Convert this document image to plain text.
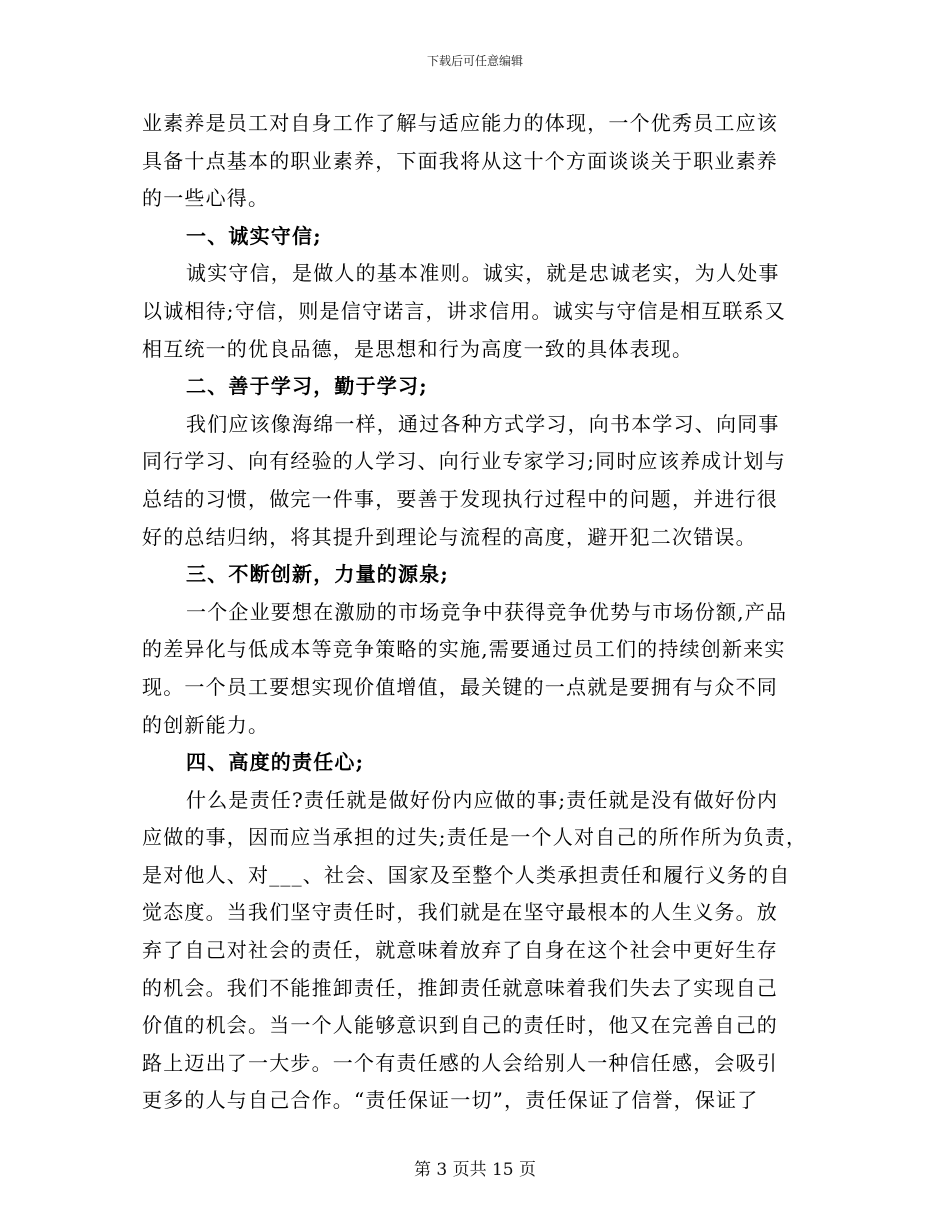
下载后可任意编辑

业素养是员工对自身工作了解与适应能力的体现，一个优秀员工应该

具备十点基本的职业素养，下面我将从这十个方面谈谈关于职业素养

的一些心得。

一、诚实守信;

诚实守信，是做人的基本准则。诚实，就是忠诚老实，为人处事

以诚相待;守信，则是信守诺言，讲求信用。诚实与守信是相互联系又

相互统一的优良品德，是思想和行为高度一致的具体表现。

二、善于学习，勤于学习;

我们应该像海绵一样，通过各种方式学习，向书本学习、向同事

同行学习、向有经验的人学习、向行业专家学习;同时应该养成计划与

总结的习惯，做完一件事，要善于发现执行过程中的问题，并进行很

好的总结归纳，将其提升到理论与流程的高度，避开犯二次错误。

三、不断创新，力量的源泉;

一个企业要想在激励的市场竞争中获得竞争优势与市场份额,产品

的差异化与低成本等竞争策略的实施,需要通过员工们的持续创新来实

现。一个员工要想实现价值增值，最关键的一点就是要拥有与众不同

的创新能力。

四、高度的责任心;

什么是责任?责任就是做好份内应做的事;责任就是没有做好份内

应做的事，因而应当承担的过失;责任是一个人对自己的所作所为负责，

是对他人、对___、社会、国家及至整个人类承担责任和履行义务的自

觉态度。当我们坚守责任时，我们就是在坚守最根本的人生义务。放

弃了自己对社会的责任，就意味着放弃了自身在这个社会中更好生存

的机会。我们不能推卸责任，推卸责任就意味着我们失去了实现自己

价值的机会。当一个人能够意识到自己的责任时，他又在完善自己的

路上迈出了一大步。一个有责任感的人会给别人一种信任感，会吸引

更多的人与自己合作。“责任保证一切”，责任保证了信誉，保证了

第 3 页共 15 页
